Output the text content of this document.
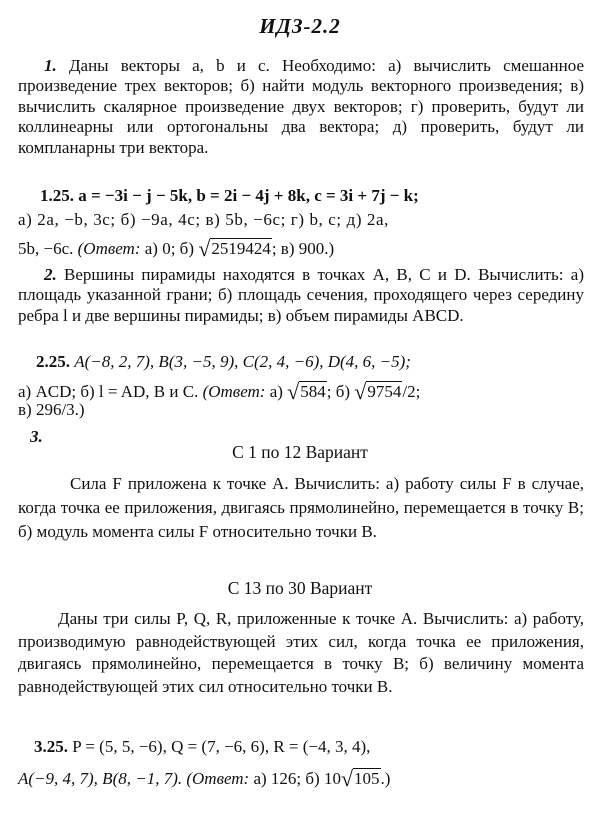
ИДЗ-2.2
1. Даны векторы a, b и c. Необходимо: а) вычислить смешанное произведение трех векторов; б) найти модуль векторного произведения; в) вычислить скалярное произведение двух векторов; г) проверить, будут ли коллинеарны или ортогональны два вектора; д) проверить, будут ли компланарны три вектора.
1.25. a = −3i − j − 5k, b = 2i − 4j + 8k, c = 3i + 7j − k;
а) 2a, −b, 3c; б) −9a, 4c; в) 5b, −6c; г) b, c; д) 2a,
5b, −6c. (Ответ: а) 0; б) √2519424; в) 900.)
2. Вершины пирамиды находятся в точках A, B, C и D. Вычислить: а) площадь указанной грани; б) площадь сечения, проходящего через середину ребра l и две вершины пирамиды; в) объем пирамиды ABCD.
2.25. A(−8, 2, 7), B(3, −5, 9), C(2, 4, −6), D(4, 6, −5);
а) ACD; б) l = AD, B и C. (Ответ: а) √584; б) √9754/2;
в) 296/3.)
3.
С 1 по 12 Вариант
Сила F приложена к точке A. Вычислить: а) работу силы F в случае, когда точка ее приложения, двигаясь прямолинейно, перемещается в точку B; б) модуль момента силы F относительно точки B.
С 13 по 30 Вариант
Даны три силы P, Q, R, приложенные к точке A. Вычислить: а) работу, производимую равнодействующей этих сил, когда точка ее приложения, двигаясь прямолинейно, перемещается в точку B; б) величину момента равнодействующей этих сил относительно точки B.
3.25. P = (5, 5, −6), Q = (7, −6, 6), R = (−4, 3, 4),
A(−9, 4, 7), B(8, −1, 7). (Ответ: а) 126; б) 10√105.)
